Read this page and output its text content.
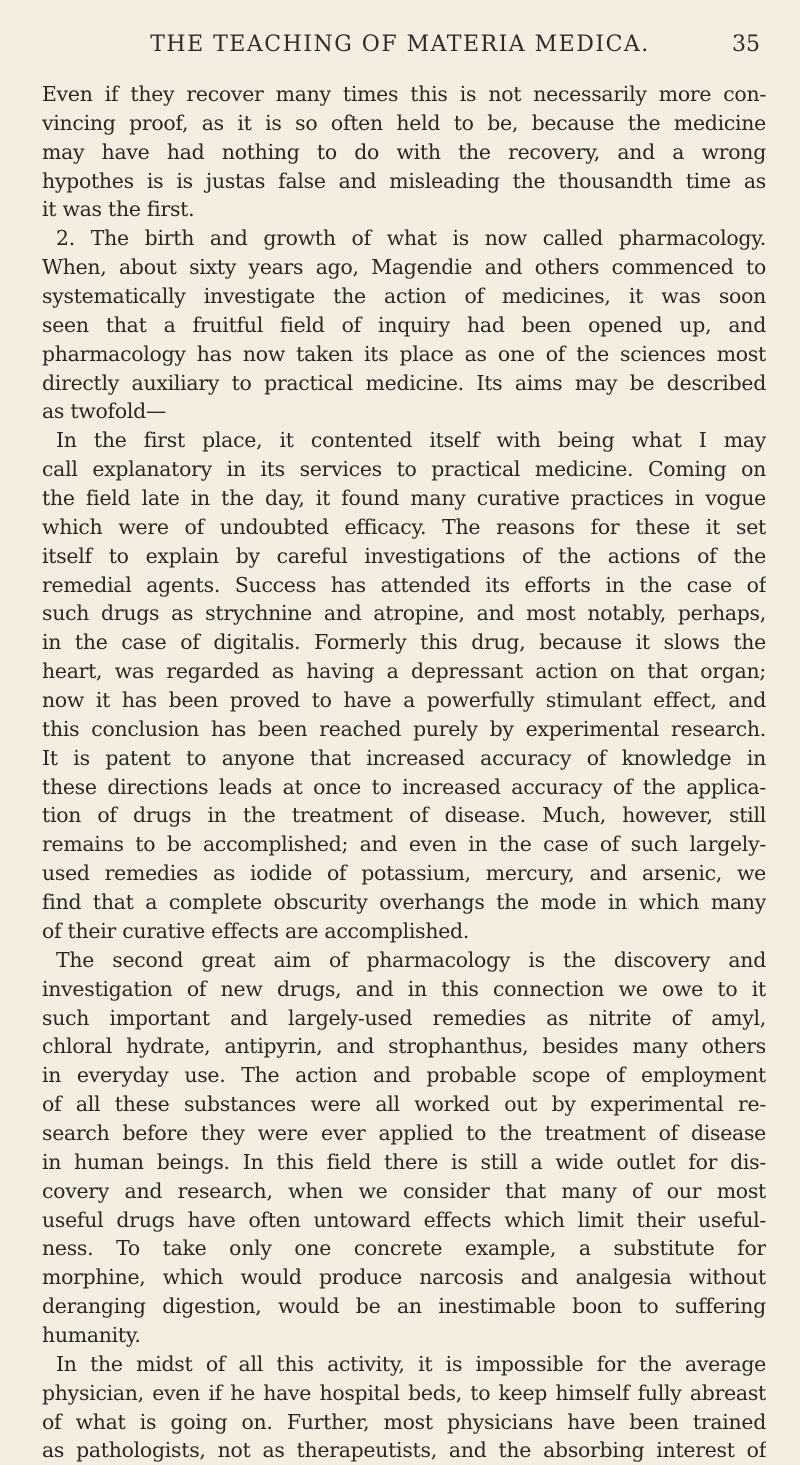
THE TEACHING OF MATERIA MEDICA.	35
Even if they recover many times this is not necessarily more con-
vincing proof, as it is so often held to be, because the medicine
may have had nothing to do with the recovery, and a wrong
hypothes is is justas false and misleading the thousandth time as
it was the first.
2. The birth and growth of what is now called pharmacology.
When, about sixty years ago, Magendie and others commenced to
systematically investigate the action of medicines, it was soon
seen that a fruitful field of inquiry had been opened up, and
pharmacology has now taken its place as one of the sciences most
directly auxiliary to practical medicine. Its aims may be described
as twofold—
In the first place, it contented itself with being what I may
call explanatory in its services to practical medicine. Coming on
the field late in the day, it found many curative practices in vogue
which were of undoubted efficacy. The reasons for these it set
itself to explain by careful investigations of the actions of the
remedial agents. Success has attended its efforts in the case of
such drugs as strychnine and atropine, and most notably, perhaps,
in the case of digitalis. Formerly this drug, because it slows the
heart, was regarded as having a depressant action on that organ;
now it has been proved to have a powerfully stimulant effect, and
this conclusion has been reached purely by experimental research.
It is patent to anyone that increased accuracy of knowledge in
these directions leads at once to increased accuracy of the applica-
tion of drugs in the treatment of disease. Much, however, still
remains to be accomplished; and even in the case of such largely-
used remedies as iodide of potassium, mercury, and arsenic, we
find that a complete obscurity overhangs the mode in which many
of their curative effects are accomplished.
The second great aim of pharmacology is the discovery and
investigation of new drugs, and in this connection we owe to it
such important and largely-used remedies as nitrite of amyl,
chloral hydrate, antipyrin, and strophanthus, besides many others
in everyday use. The action and probable scope of employment
of all these substances were all worked out by experimental re-
search before they were ever applied to the treatment of disease
in human beings. In this field there is still a wide outlet for dis-
covery and research, when we consider that many of our most
useful drugs have often untoward effects which limit their useful-
ness. To take only one concrete example, a substitute for
morphine, which would produce narcosis and analgesia without
deranging digestion, would be an inestimable boon to suffering
humanity.
In the midst of all this activity, it is impossible for the average
physician, even if he have hospital beds, to keep himself fully abreast
of what is going on. Further, most physicians have been trained
as pathologists, not as therapeutists, and the absorbing interest of
